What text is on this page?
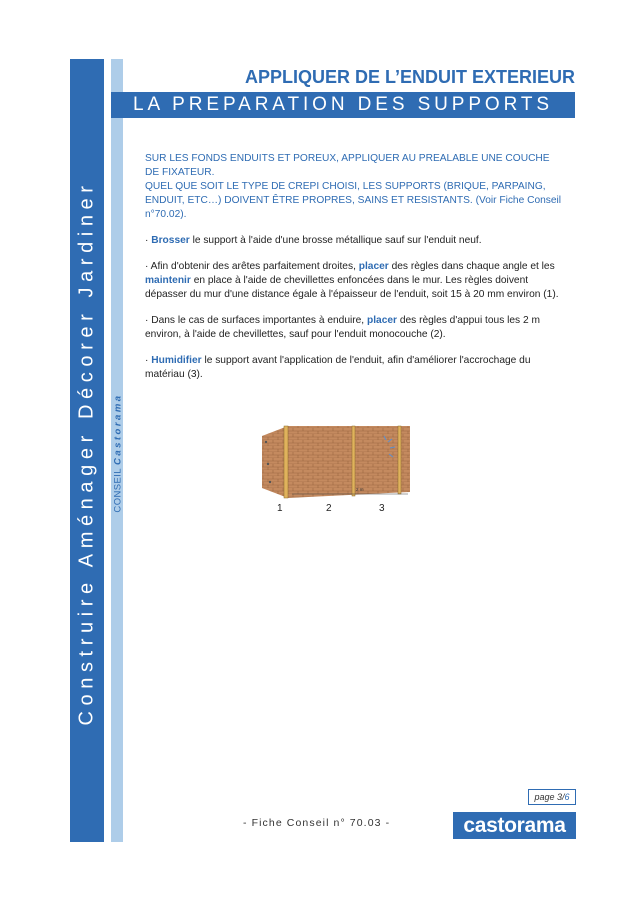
Construire Aménager Décorer Jardiner CONSEILCastorama
APPLIQUER DE L’ENDUIT EXTERIEUR
LA PREPARATION DES SUPPORTS
SUR LES FONDS ENDUITS ET POREUX, APPLIQUER AU PREALABLE UNE COUCHE DE FIXATEUR.
QUEL QUE SOIT LE TYPE DE CREPI CHOISI, LES SUPPORTS (BRIQUE, PARPAING, ENDUIT, ETC…) DOIVENT ÊTRE PROPRES, SAINS ET RESISTANTS. (Voir Fiche Conseil n°70.02).

· Brosser le support à l'aide d'une brosse métallique sauf sur l'enduit neuf.

· Afin d'obtenir des arêtes parfaitement droites, placer des règles dans chaque angle et les maintenir en place à l'aide de chevillettes enfoncées dans le mur. Les règles doivent dépasser du mur d'une distance égale à l'épaisseur de l'enduit, soit 15 à 20 mm environ (1).

· Dans le cas de surfaces importantes à enduire, placer des règles d'appui tous les 2 m environ, à l'aide de chevillettes, sauf pour l'enduit monocouche (2).

· Humidifier le support avant l'application de l'enduit, afin d'améliorer l'accrochage du matériau (3).

2 m
1	2	3
page 3/6
- Fiche Conseil n° 70.03 -	castorama
